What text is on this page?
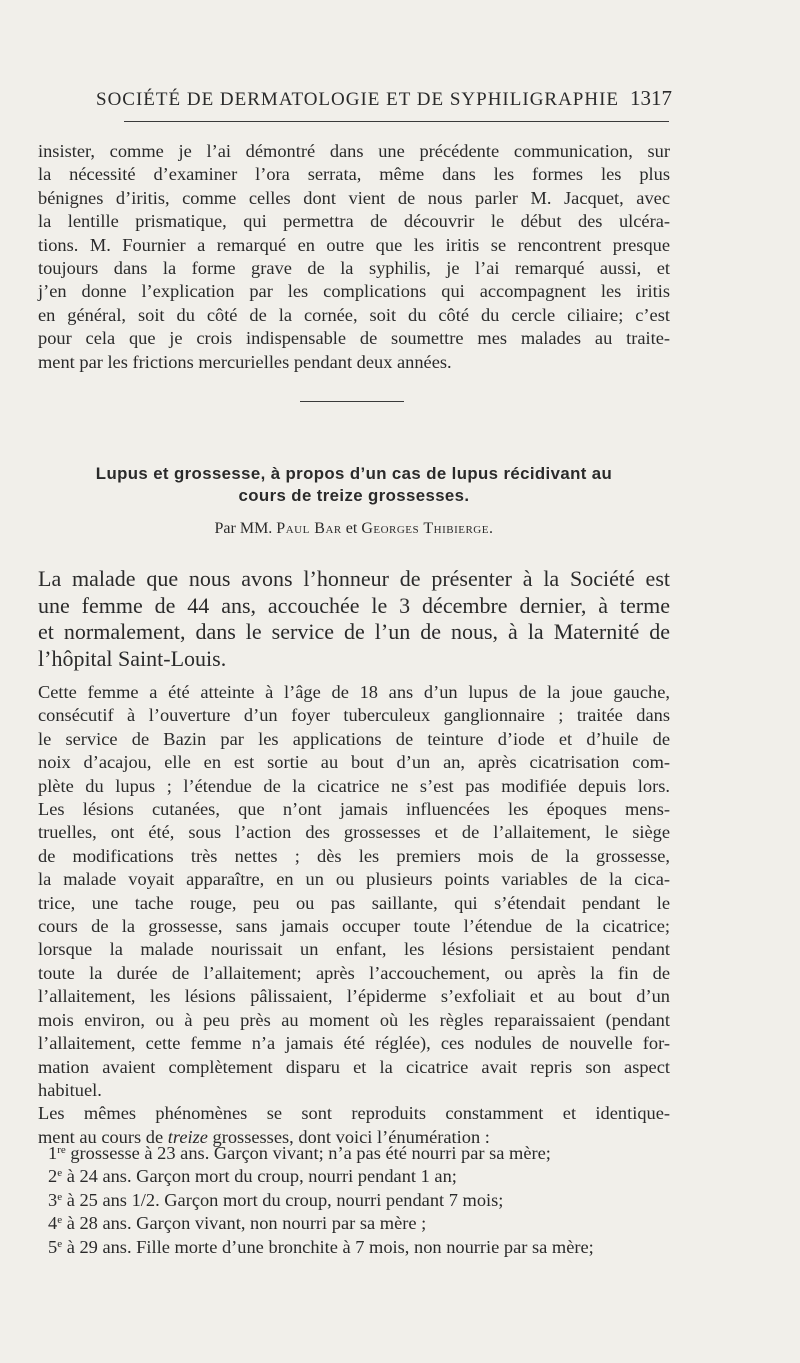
SOCIÉTÉ DE DERMATOLOGIE ET DE SYPHILIGRAPHIE 1317
insister, comme je l’ai démontré dans une précédente communication, sur
la nécessité d’examiner l’ora serrata, même dans les formes les plus
bénignes d’iritis, comme celles dont vient de nous parler M. Jacquet, avec
la lentille prismatique, qui permettra de découvrir le début des ulcéra-
tions. M. Fournier a remarqué en outre que les iritis se rencontrent presque
toujours dans la forme grave de la syphilis, je l’ai remarqué aussi, et
j’en donne l’explication par les complications qui accompagnent les iritis
en général, soit du côté de la cornée, soit du côté du cercle ciliaire; c’est
pour cela que je crois indispensable de soumettre mes malades au traite-
ment par les frictions mercurielles pendant deux années.
Lupus et grossesse, à propos d’un cas de lupus récidivant au
cours de treize grossesses.
Par MM. Paul Bar et Georges Thibierge.
La malade que nous avons l’honneur de présenter à la Société est
une femme de 44 ans, accouchée le 3 décembre dernier, à terme
et normalement, dans le service de l’un de nous, à la Maternité de
l’hôpital Saint-Louis.
Cette femme a été atteinte à l’âge de 18 ans d’un lupus de la joue gauche,
consécutif à l’ouverture d’un foyer tuberculeux ganglionnaire ; traitée dans
le service de Bazin par les applications de teinture d’iode et d’huile de
noix d’acajou, elle en est sortie au bout d’un an, après cicatrisation com-
plète du lupus ; l’étendue de la cicatrice ne s’est pas modifiée depuis lors.
Les lésions cutanées, que n’ont jamais influencées les époques mens-
truelles, ont été, sous l’action des grossesses et de l’allaitement, le siège
de modifications très nettes ; dès les premiers mois de la grossesse,
la malade voyait apparaître, en un ou plusieurs points variables de la cica-
trice, une tache rouge, peu ou pas saillante, qui s’étendait pendant le
cours de la grossesse, sans jamais occuper toute l’étendue de la cicatrice;
lorsque la malade nourissait un enfant, les lésions persistaient pendant
toute la durée de l’allaitement; après l’accouchement, ou après la fin de
l’allaitement, les lésions pâlissaient, l’épiderme s’exfoliait et au bout d’un
mois environ, ou à peu près au moment où les règles reparaissaient (pendant
l’allaitement, cette femme n’a jamais été réglée), ces nodules de nouvelle for-
mation avaient complètement disparu et la cicatrice avait repris son aspect
habituel.
Les mêmes phénomènes se sont reproduits constamment et identique-
ment au cours de treize grossesses, dont voici l’énumération :
1re grossesse à 23 ans. Garçon vivant; n’a pas été nourri par sa mère;
2e à 24 ans. Garçon mort du croup, nourri pendant 1 an;
3e à 25 ans 1/2. Garçon mort du croup, nourri pendant 7 mois;
4e à 28 ans. Garçon vivant, non nourri par sa mère ;
5e à 29 ans. Fille morte d’une bronchite à 7 mois, non nourrie par sa mère;
